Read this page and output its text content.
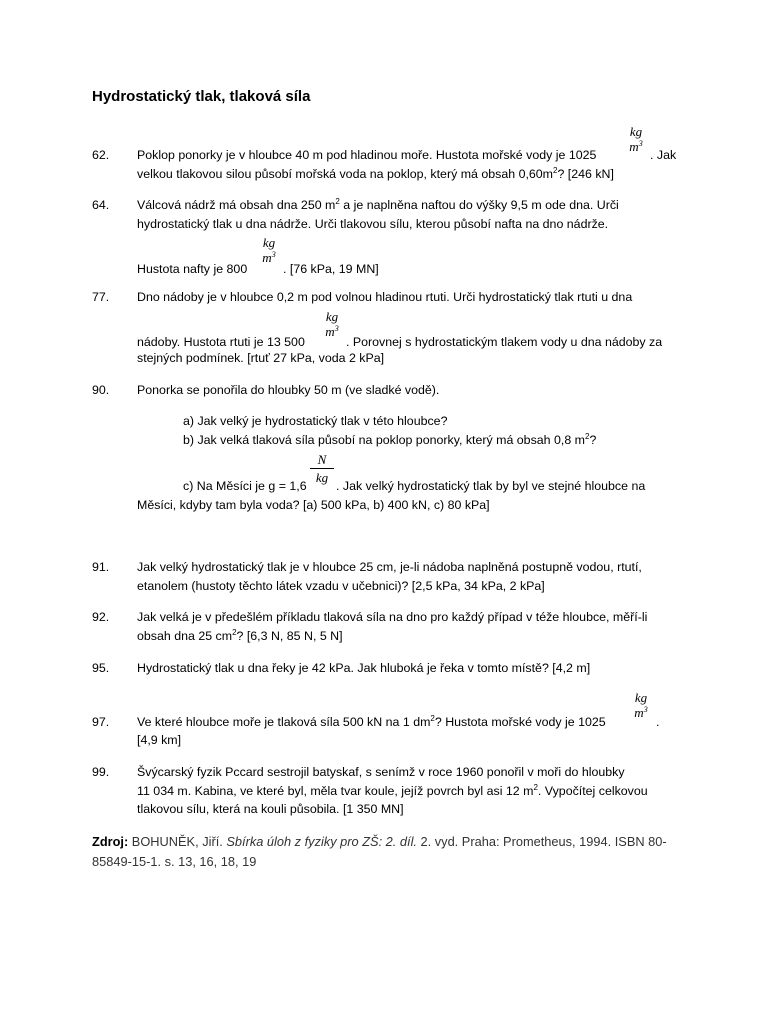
Hydrostatický tlak, tlaková síla
62. Poklop ponorky je v hloubce 40 m pod hladinou moře. Hustota mořské vody je 1025
kg
$m^3$
. Jak
velkou tlakovou silou působí mořská voda na poklop, který má obsah $0,60m^2$? [246 kN]
64. Válcová nádrž má obsah dna 250 $m^2$ a je naplněna naftou do výšky 9,5 m ode dna. Urči
hydrostatický tlak u dna nádrže. Urči tlakovou sílu, kterou působí nafta na dno nádrže.
Hustota nafty je 800
kg
$m^3$
. [76 kPa, 19 MN]
77. Dno nádoby je v hloubce 0,2 m pod volnou hladinou rtuti. Urči hydrostatický tlak rtuti u dna
nádoby. Hustota rtuti je 13 500
kg
$m^3$
. Porovnej s hydrostatickým tlakem vody u dna nádoby za
stejných podmínek. [rtuť 27 kPa, voda 2 kPa]
90. Ponorka se ponořila do hloubky 50 m (ve sladké vodě).
a) Jak velký je hydrostatický tlak v této hloubce?
b) Jak velká tlaková síla působí na poklop ponorky, který má obsah 0,8 $m^2$?
c) Na Měsíci je g = 1,6
N
kg
. Jak velký hydrostatický tlak by byl ve stejné hloubce na
Měsíci, kdyby tam byla voda? [a) 500 kPa, b) 400 kN, c) 80 kPa]
91. Jak velký hydrostatický tlak je v hloubce 25 cm, je-li nádoba naplněná postupně vodou, rtutí,
etanolem (hustoty těchto látek vzadu v učebnici)? [2,5 kPa, 34 kPa, 2 kPa]
92. Jak velká je v předešlém příkladu tlaková síla na dno pro každý případ v téže hloubce, měří-li
obsah dna 25 $cm^2$? [6,3 N, 85 N, 5 N]
95. Hydrostatický tlak u dna řeky je 42 kPa. Jak hluboká je řeka v tomto místě? [4,2 m]
97. Ve které hloubce moře je tlaková síla 500 kN na 1 $dm^2$? Hustota mořské vody je 1025
kg
$m^3$
.
[4,9 km]
99. Švýcarský fyzik Pccard sestrojil batyskaf, s senímž v roce 1960 ponořil v moři do hloubky
11 034 m. Kabina, ve které byl, měla tvar koule, jejíž povrch byl asi 12 $m^2$. Vypočítej celkovou
tlakovou sílu, která na kouli působila. [1 350 MN]
Zdroj: BOHUNĚK, Jiří. Sbírka úloh z fyziky pro ZŠ: 2. díl. 2. vyd. Praha: Prometheus, 1994. ISBN 80-
85849-15-1. s. 13, 16, 18, 19
